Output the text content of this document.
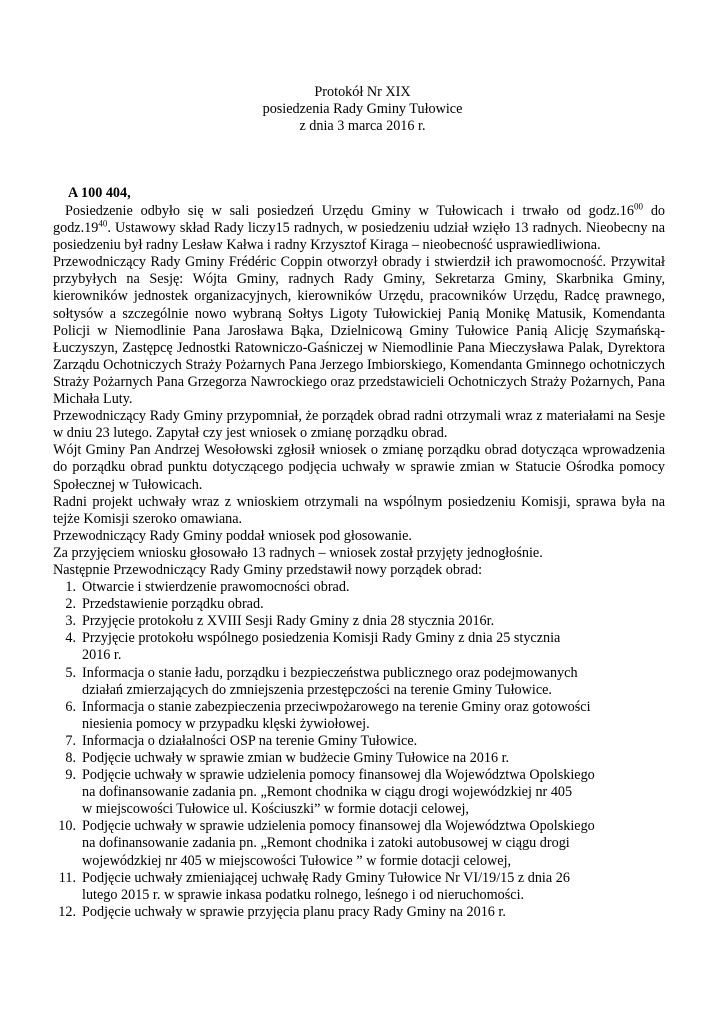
Protokół Nr XIX
posiedzenia Rady Gminy Tułowice
z dnia 3 marca 2016 r.
A 100 404,

Posiedzenie odbyło się w sali posiedzeń Urzędu Gminy w Tułowicach i trwało od $godz.16^{00}$ do $godz.19^{40}$. Ustawowy skład Rady liczy15 radnych, w posiedzeniu udział wzięło 13 radnych. Nieobecny na posiedzeniu był radny Lesław Kałwa i radny Krzysztof Kiraga – nieobecność usprawiedliwiona.

Przewodniczący Rady Gminy Frédéric Coppin otworzył obrady i stwierdził ich prawomocność. Przywitał przybyłych na Sesję: Wójta Gminy, radnych Rady Gminy, Sekretarza Gminy, Skarbnika Gminy, kierowników jednostek organizacyjnych, kierowników Urzędu, pracowników Urzędu, Radcę prawnego, sołtysów a szczególnie nowo wybraną Sołtys Ligoty Tułowickiej Panią Monikę Matusik, Komendanta Policji w Niemodlinie Pana Jarosława Bąka, Dzielnicową Gminy Tułowice Panią Alicję Szymańską-Łuczyszyn, Zastępcę Jednostki Ratowniczo-Gaśniczej w Niemodlinie Pana Mieczysława Palak, Dyrektora Zarządu Ochotniczych Straży Pożarnych Pana Jerzego Imbiorskiego, Komendanta Gminnego ochotniczych Straży Pożarnych Pana Grzegorza Nawrockiego oraz przedstawicieli Ochotniczych Straży Pożarnych, Pana Michała Luty.

Przewodniczący Rady Gminy przypomniał, że porządek obrad radni otrzymali wraz z materiałami na Sesje w dniu 23 lutego. Zapytał czy jest wniosek o zmianę porządku obrad.

Wójt Gminy Pan Andrzej Wesołowski zgłosił wniosek o zmianę porządku obrad dotycząca wprowadzenia do porządku obrad punktu dotyczącego podjęcia uchwały w sprawie zmian w Statucie Ośrodka pomocy Społecznej w Tułowicach.

Radni projekt uchwały wraz z wnioskiem otrzymali na wspólnym posiedzeniu Komisji, sprawa była na tejże Komisji szeroko omawiana.

Przewodniczący Rady Gminy poddał wniosek pod głosowanie.

Za przyjęciem wniosku głosowało 13 radnych – wniosek został przyjęty jednogłośnie.

Następnie Przewodniczący Rady Gminy przedstawił nowy porządek obrad:

1. Otwarcie i stwierdzenie prawomocności obrad.
2. Przedstawienie porządku obrad.
3. Przyjęcie protokołu z XVIII Sesji Rady Gminy z dnia 28 stycznia 2016r.
4. Przyjęcie protokołu wspólnego posiedzenia Komisji Rady Gminy z dnia 25 stycznia
2016 r.
5. Informacja o stanie ładu, porządku i bezpieczeństwa publicznego oraz podejmowanych
działań zmierzających do zmniejszenia przestępczości na terenie Gminy Tułowice.
6. Informacja o stanie zabezpieczenia przeciwpożarowego na terenie Gminy oraz gotowości
niesienia pomocy w przypadku klęski żywiołowej.
7. Informacja o działalności OSP na terenie Gminy Tułowice.
8. Podjęcie uchwały w sprawie zmian w budżecie Gminy Tułowice na 2016 r.
9. Podjęcie uchwały w sprawie udzielenia pomocy finansowej dla Województwa Opolskiego
na dofinansowanie zadania pn. „Remont chodnika w ciągu drogi wojewódzkiej nr 405
w miejscowości Tułowice ul. Kościuszki” w formie dotacji celowej,
10. Podjęcie uchwały w sprawie udzielenia pomocy finansowej dla Województwa Opolskiego
na dofinansowanie zadania pn. „Remont chodnika i zatoki autobusowej w ciągu drogi
wojewódzkiej nr 405 w miejscowości Tułowice ” w formie dotacji celowej,
11. Podjęcie uchwały zmieniającej uchwałę Rady Gminy Tułowice Nr VI/19/15 z dnia 26
lutego 2015 r. w sprawie inkasa podatku rolnego, leśnego i od nieruchomości.
12. Podjęcie uchwały w sprawie przyjęcia planu pracy Rady Gminy na 2016 r.
